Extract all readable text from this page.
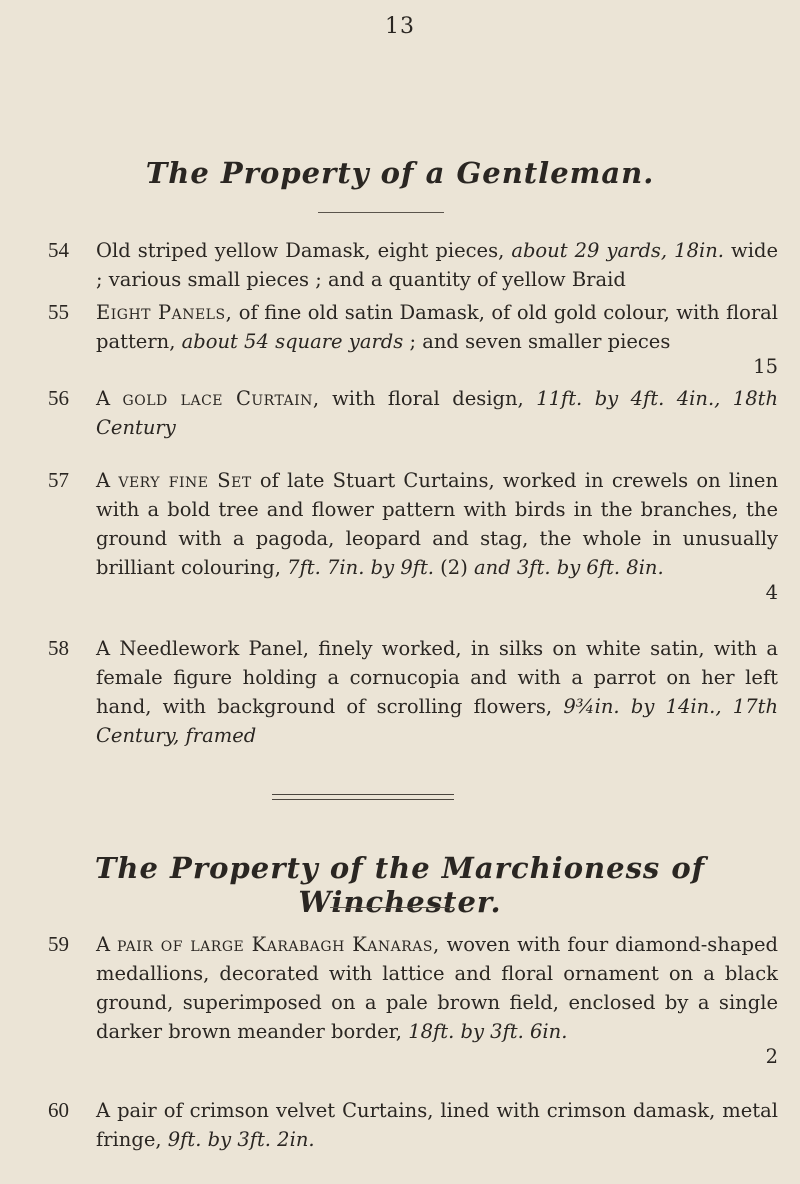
13
The Property of a Gentleman.
54	Old striped yellow Damask, eight pieces, about 29 yards, 18in. wide ; various small pieces ; and a quantity of yellow Braid
55	Eight Panels, of fine old satin Damask, of old gold colour, with floral pattern, about 54 square yards ; and seven smaller pieces
15
56	A gold lace Curtain, with floral design, 11ft. by 4ft. 4in., 18th Century
57	A very fine Set of late Stuart Curtains, worked in crewels on linen with a bold tree and flower pattern with birds in the branches, the ground with a pagoda, leopard and stag, the whole in unusually brilliant colouring, 7ft. 7in. by 9ft. (2) and 3ft. by 6ft. 8in.
4
58	A Needlework Panel, finely worked, in silks on white satin, with a female figure holding a cornucopia and with a parrot on her left hand, with background of scrolling flowers, 9¾in. by 14in., 17th Century, framed
The Property of the Marchioness of Winchester.
59	A pair of large Karabagh Kanaras, woven with four diamond-shaped medallions, decorated with lattice and floral ornament on a black ground, superimposed on a pale brown field, enclosed by a single darker brown meander border, 18ft. by 3ft. 6in.
2
60	A pair of crimson velvet Curtains, lined with crimson damask, metal fringe, 9ft. by 3ft. 2in.
